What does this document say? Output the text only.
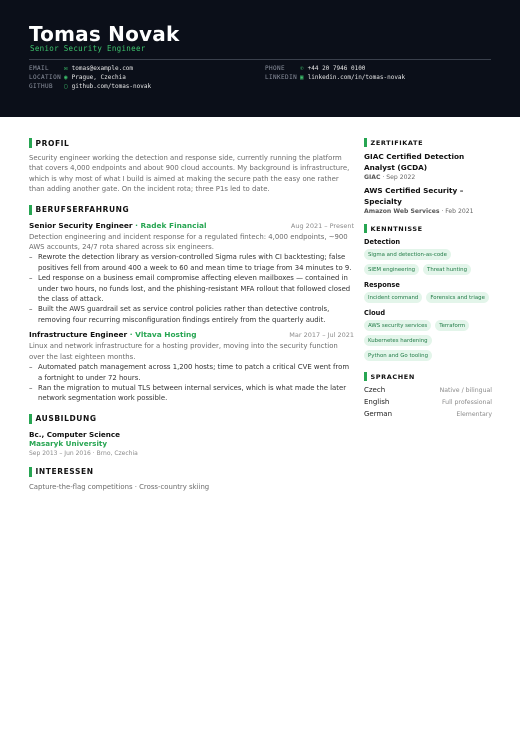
Tomas Novak
Senior Security Engineer
EMAIL	✉ tomas@example.com
LOCATION ◉ Prague, Czechia
GITHUB	▢ github.com/tomas-novak
PHONE	✆ +44 20 7946 0100
LINKEDIN ▣ linkedin.com/in/tomas-novak
PROFIL

Security engineer working the detection and response side, currently running the platform that covers 4,000 endpoints and about 900 cloud accounts. My background is infrastructure, which is why most of what I build is aimed at making the secure path the easy one rather than adding another gate. On the incident rota; three P1s led to date.

BERUFSERFAHRUNG
Senior Security Engineer · Radek Financial	Aug 2021 – Present

Detection engineering and incident response for a regulated fintech: 4,000 endpoints, ~900 AWS accounts, 24/7 rota shared across six engineers.

– Rewrote the detection library as version-controlled Sigma rules with CI backtesting; false positives fell from around 400 a week to 60 and mean time to triage from 34 minutes to 9.
– Led response on a business email compromise affecting eleven mailboxes — contained in under two hours, no funds lost, and the phishing-resistant MFA rollout that followed closed the class of attack.
– Built the AWS guardrail set as service control policies rather than detective controls, removing four recurring misconfiguration findings entirely from the quarterly audit.
Infrastructure Engineer · Vltava Hosting	Mar 2017 – Jul 2021

Linux and network infrastructure for a hosting provider, moving into the security function over the last eighteen months.

– Automated patch management across 1,200 hosts; time to patch a critical CVE went from a fortnight to under 72 hours.
– Ran the migration to mutual TLS between internal services, which is what made the later network segmentation work possible.
AUSBILDUNG
Bc., Computer Science
Masaryk University
Sep 2013 – Jun 2016 · Brno, Czechia
INTERESSEN

Capture-the-flag competitions · Cross-country skiing

ZERTIFIKATE
GIAC Certified Detection Analyst (GCDA)
GIAC · Sep 2022
AWS Certified Security – Specialty
Amazon Web Services · Feb 2021
KENNTNISSE
Detection
Sigma and detection-as-code
SIEM engineering	Threat hunting
Response
Incident command	Forensics and triage
Cloud
AWS security services	Terraform
Kubernetes hardening
Python and Go tooling
SPRACHEN
Czech	Native / bilingual
English	Full professional
German	Elementary
